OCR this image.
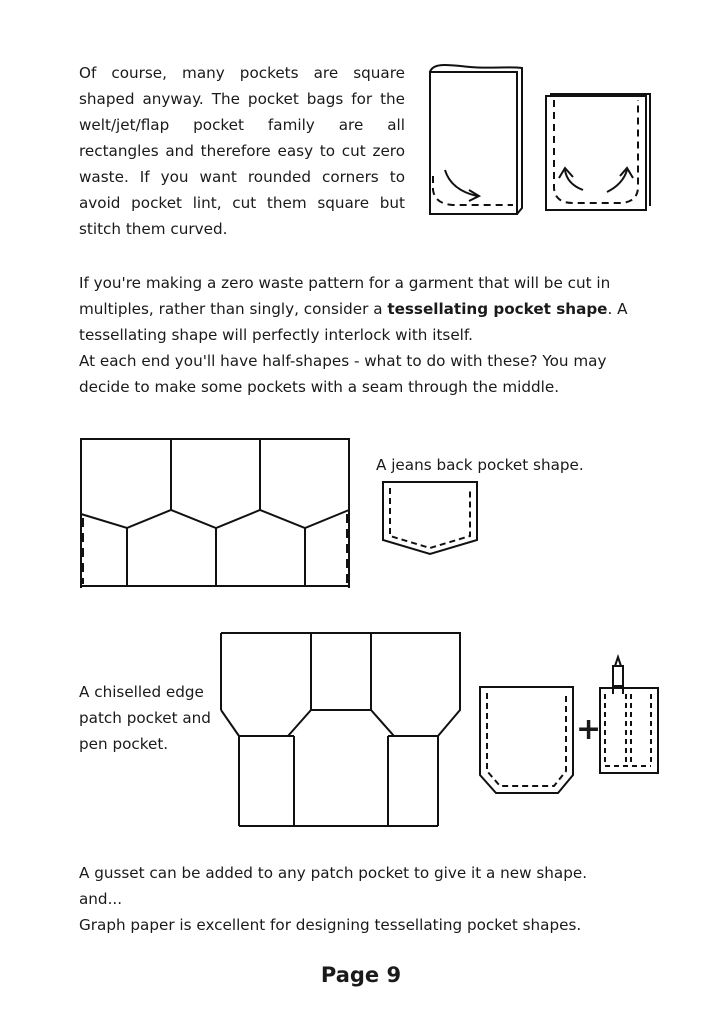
Of course, many pockets are square
shaped anyway. The pocket bags for the
welt/jet/flap pocket family are all
rectangles and therefore easy to cut zero
waste. If you want rounded corners to
avoid pocket lint, cut them square but
stitch them curved.
If you're making a zero waste pattern for a garment that will be cut in
multiples, rather than singly, consider a tessellating pocket shape. A
tessellating shape will perfectly interlock with itself.
At each end you'll have half-shapes - what to do with these? You may
decide to make some pockets with a seam through the middle.
A jeans back pocket shape.
A chiselled edge
patch pocket and
pen pocket.	+
A gusset can be added to any patch pocket to give it a new shape.
and...
Graph paper is excellent for designing tessellating pocket shapes.
Page 9
